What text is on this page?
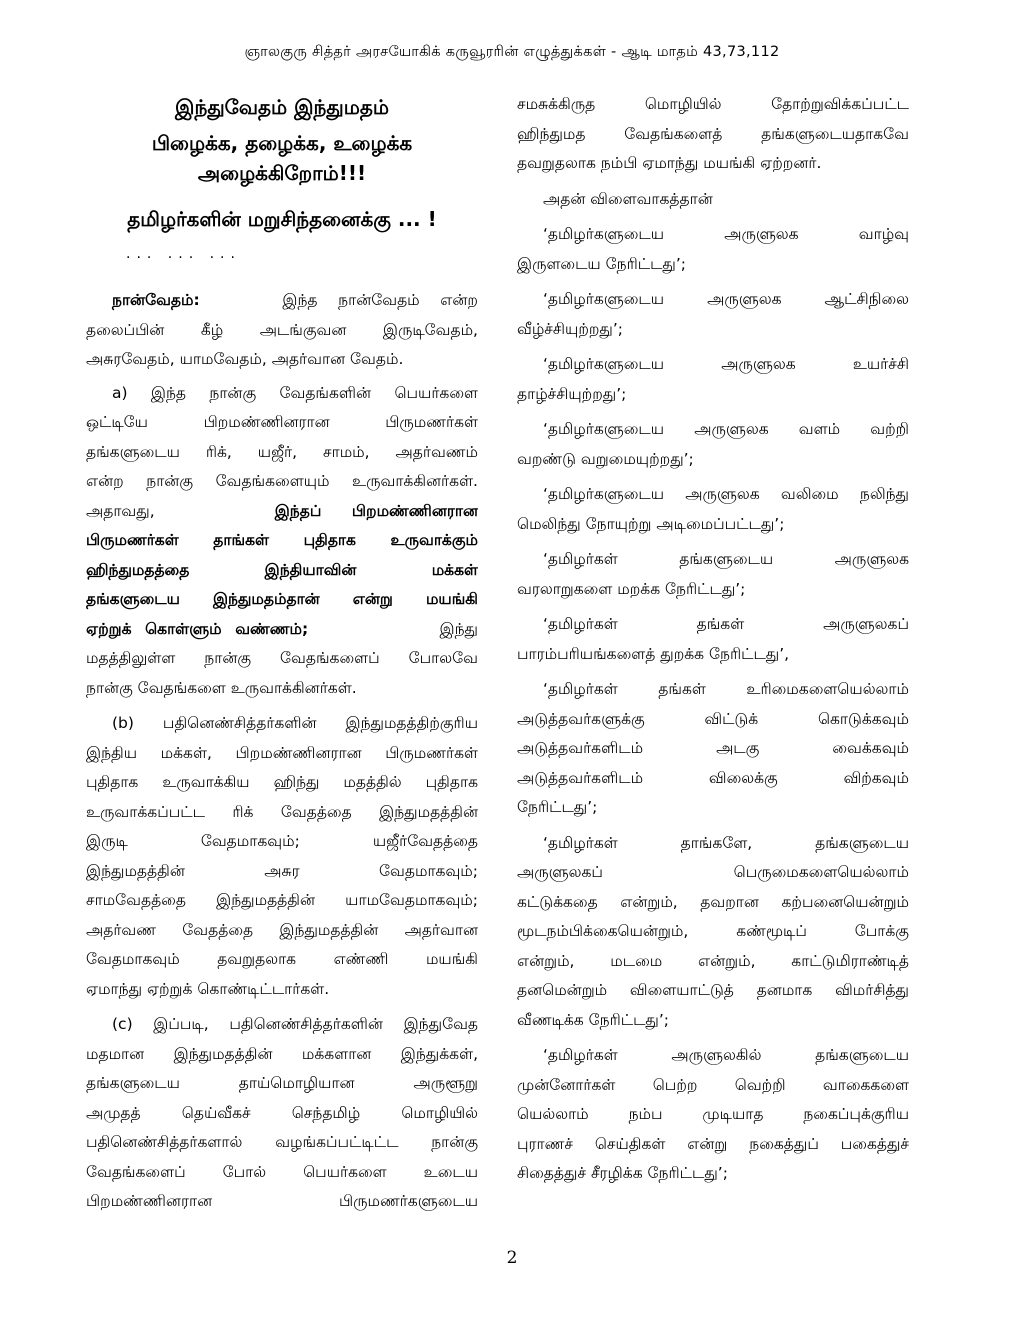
ஞாலகுரு சித்தர் அரசயோகிக் கருவூரரின் எழுத்துக்கள் - ஆடி மாதம் 43,73,112

இந்துவேதம் இந்துமதம்

பிழைக்க, தழைக்க, உழைக்க

அழைக்கிறோம்!!!

தமிழர்களின் மறுசிந்தனைக்கு ... !

... ... ...
நான்வேதம்:	இந்த நான்வேதம் என்ற
தலைப்பின் கீழ் அடங்குவன இருடிவேதம்,
அசுரவேதம், யாமவேதம், அதர்வான வேதம்.
a) இந்த நான்கு வேதங்களின் பெயர்களை
ஒட்டியே பிறமண்ணினரான பிருமணர்கள்
தங்களுடைய ரிக், யஜீர், சாமம், அதர்வணம்
என்ற நான்கு வேதங்களையும் உருவாக்கினர்கள்.
அதாவது,	இந்தப் பிறமண்ணினரான
பிருமணர்கள் தாங்கள் புதிதாக உருவாக்கும்
ஹிந்துமதத்தை இந்தியாவின் மக்கள்
தங்களுடைய இந்துமதம்தான் என்று மயங்கி
ஏற்றுக் கொள்ளும் வண்ணம்;	இந்து
மதத்திலுள்ள நான்கு வேதங்களைப் போலவே
நான்கு வேதங்களை உருவாக்கினர்கள்.
(b) பதினெண்சித்தர்களின் இந்துமதத்திற்குரிய
இந்திய மக்கள், பிறமண்ணினரான பிருமணர்கள்
புதிதாக உருவாக்கிய ஹிந்து மதத்தில் புதிதாக
உருவாக்கப்பட்ட ரிக் வேதத்தை இந்துமதத்தின்
இருடி வேதமாகவும்; யஜீர்வேதத்தை
இந்துமதத்தின் அசுர வேதமாகவும்;
சாமவேதத்தை இந்துமதத்தின் யாமவேதமாகவும்;
அதர்வண வேதத்தை இந்துமதத்தின் அதர்வான
வேதமாகவும் தவறுதலாக எண்ணி மயங்கி
ஏமாந்து ஏற்றுக் கொண்டிட்டார்கள்.
(c) இப்படி, பதினெண்சித்தர்களின் இந்துவேத
மதமான இந்துமதத்தின் மக்களான இந்துக்கள்,
தங்களுடைய தாய்மொழியான அருளூறு
அமுதத் தெய்வீகச் செந்தமிழ் மொழியில்
பதினெண்சித்தர்களால் வழங்கப்பட்டிட்ட நான்கு
வேதங்களைப் போல் பெயர்களை உடைய
பிறமண்ணினரான பிருமணர்களுடைய
சமசுக்கிருத மொழியில் தோற்றுவிக்கப்பட்ட
ஹிந்துமத வேதங்களைத் தங்களுடையதாகவே
தவறுதலாக நம்பி ஏமாந்து மயங்கி ஏற்றனர்.
அதன் விளைவாகத்தான்
‘தமிழர்களுடைய அருளுலக வாழ்வு
இருளடைய நேரிட்டது’;
‘தமிழர்களுடைய அருளுலக ஆட்சிநிலை
வீழ்ச்சியுற்றது’;
‘தமிழர்களுடைய அருளுலக உயர்ச்சி
தாழ்ச்சியுற்றது’;
‘தமிழர்களுடைய அருளுலக வளம் வற்றி
வறண்டு வறுமையுற்றது’;
‘தமிழர்களுடைய அருளுலக வலிமை நலிந்து
மெலிந்து நோயுற்று அடிமைப்பட்டது’;
‘தமிழர்கள் தங்களுடைய அருளுலக
வரலாறுகளை மறக்க நேரிட்டது’;
‘தமிழர்கள் தங்கள் அருளுலகப்
பாரம்பரியங்களைத் துறக்க நேரிட்டது’,
‘தமிழர்கள் தங்கள் உரிமைகளையெல்லாம்
அடுத்தவர்களுக்கு விட்டுக் கொடுக்கவும்
அடுத்தவர்களிடம் அடகு வைக்கவும்
அடுத்தவர்களிடம் விலைக்கு விற்கவும்
நேரிட்டது’;
‘தமிழர்கள் தாங்களே, தங்களுடைய
அருளுலகப் பெருமைகளையெல்லாம்
கட்டுக்கதை என்றும், தவறான கற்பனையென்றும்
மூடநம்பிக்கையென்றும், கண்மூடிப் போக்கு
என்றும், மடமை என்றும், காட்டுமிராண்டித்
தனமென்றும் விளையாட்டுத் தனமாக விமர்சித்து
வீணடிக்க நேரிட்டது’;
‘தமிழர்கள் அருளுலகில் தங்களுடைய
முன்னோர்கள் பெற்ற வெற்றி வாகைகளை
யெல்லாம் நம்ப முடியாத நகைப்புக்குரிய
புராணச் செய்திகள் என்று நகைத்துப் பகைத்துச்
சிதைத்துச் சீரழிக்க நேரிட்டது’;
2
